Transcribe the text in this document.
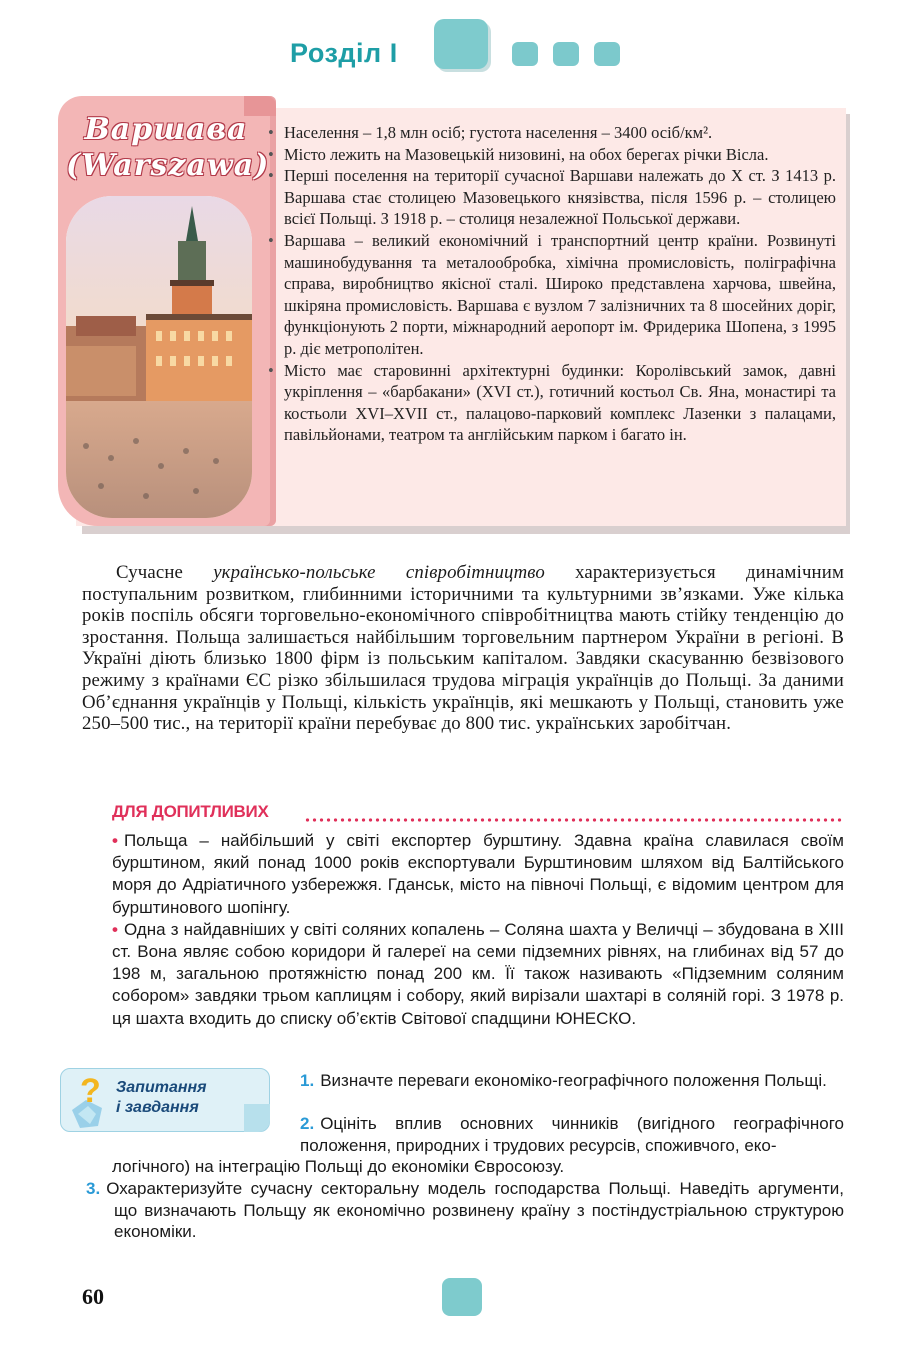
Розділ I
Варшава
(Warszawa)
• Населення – 1,8 млн осіб; густота населення – 3400 осіб/км².
• Місто лежить на Мазовецькій низовині, на обох берегах річки Вісла.
• Перші поселення на території сучасної Варшави належать до Х ст. З 1413 р. Варшава стає столицею Мазовецького князівства, після 1596 р. – столицею всієї Польщі. З 1918 р. – столиця незалежної Польської держави.
• Варшава – великий економічний і транспортний центр країни. Розвинуті машинобудування та металообробка, хімічна промисловість, поліграфічна справа, виробництво якісної сталі. Широко представлена харчова, швейна, шкіряна промисловість. Варшава є вузлом 7 залізничних та 8 шосейних доріг, функціонують 2 порти, міжнародний аеропорт ім. Фридерика Шопена, з 1995 р. діє метрополітен.
• Місто має старовинні архітектурні будинки: Королівський замок, давні укріплення – «барбакани» (XVI ст.), готичний костьол Св. Яна, монастирі та костьоли XVI–XVII ст., палацово-парковий комплекс Лазенки з палацами, павільйонами, театром та англійським парком і багато ін.

Сучасне українсько-польське співробітництво характеризується динамічним поступальним розвитком, глибинними історичними та культурними зв’язками. Уже кілька років поспіль обсяги торговельно-економічного співробітництва мають стійку тенденцію до зростання. Польща залишається найбільшим торговельним партнером України в регіоні. В Україні діють близько 1800 фірм із польським капіталом. Завдяки скасуванню безвізового режиму з країнами ЄС різко збільшилася трудова міграція українців до Польщі. За даними Об’єднання українців у Польщі, кількість українців, які мешкають у Польщі, становить уже 250–500 тис., на території країни перебуває до 800 тис. українських заробітчан.

ДЛЯ ДОПИТЛИВИХ

• Польща – найбільший у світі експортер бурштину. Здавна країна славилася своїм бурштином, який понад 1000 років експортували Бурштиновим шляхом від Балтійського моря до Адріатичного узбережжя. Гданськ, місто на півночі Польщі, є відомим центром для бурштинового шопінгу.

• Одна з найдавніших у світі соляних копалень – Соляна шахта у Величці – збудована в XIII ст. Вона являє собою коридори й галереї на семи підземних рівнях, на глибинах від 57 до 198 м, загальною протяжністю понад 200 км. Її також називають «Підземним соляним собором» завдяки трьом каплицям і собору, який вирізали шахтарі в соляній горі. З 1978 р. ця шахта входить до списку об’єктів Світової спадщини ЮНЕСКО.

? Запитання
і завдання
1. Визначте переваги економіко-географічного положення Польщі.
2. Оцініть вплив основних чинників (вигідного географічного положення, природних і трудових ресурсів, споживчого, еко-
логічного) на інтеграцію Польщі до економіки Євросоюзу.
3. Охарактеризуйте сучасну секторальну модель господарства Польщі. Наведіть аргументи, що визначають Польщу як економічно розвинену країну з постіндустріальною структурою економіки.
60
